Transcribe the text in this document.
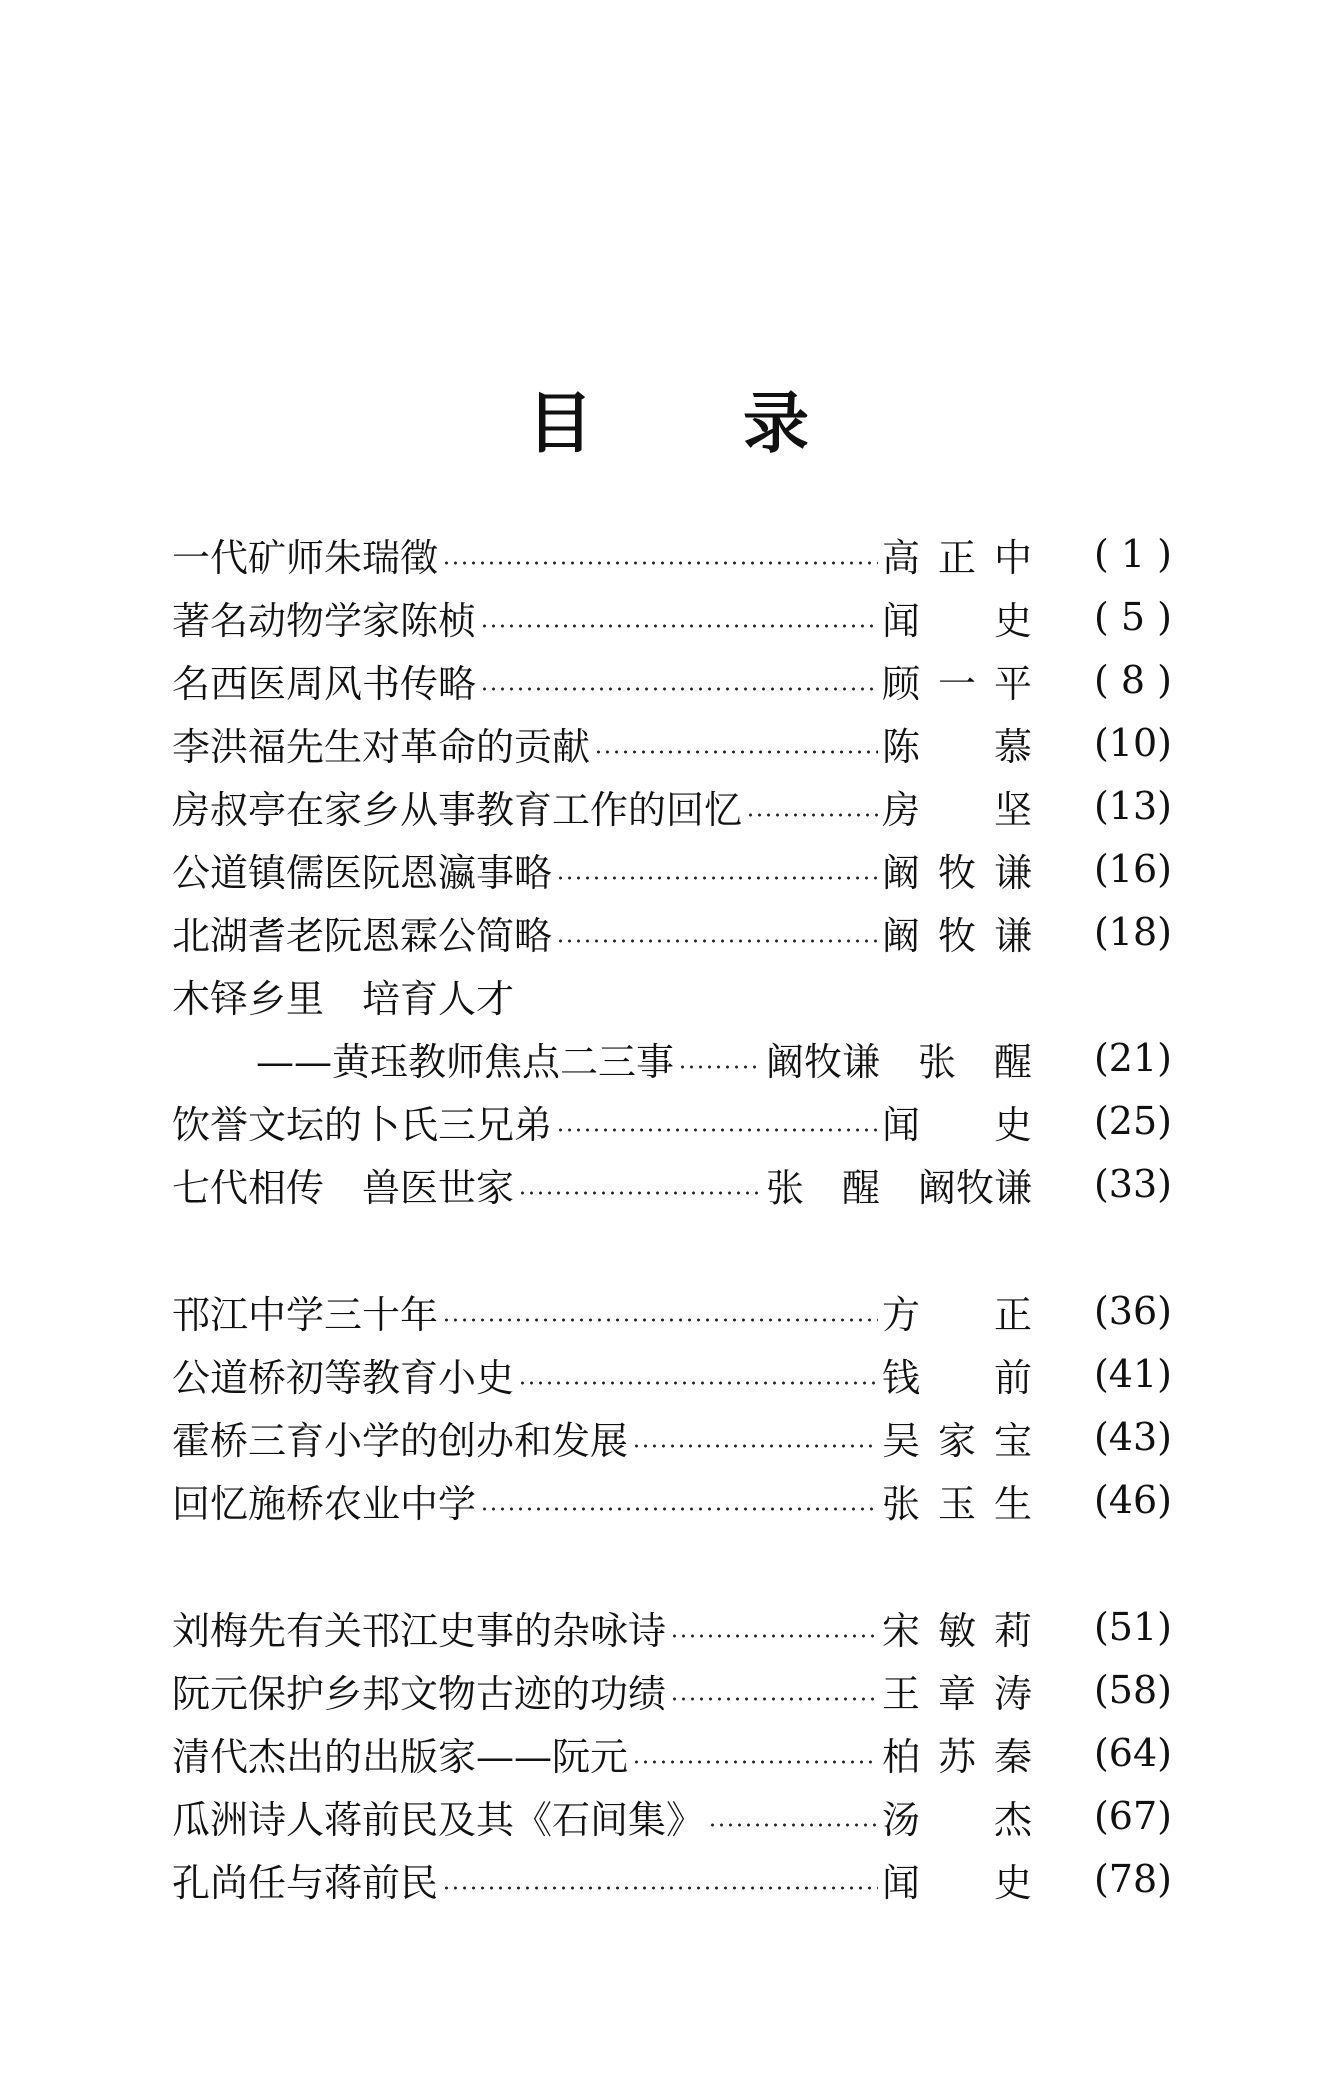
目 录
一代矿师朱瑞徵	高正中	( 1 )
著名动物学家陈桢	闻　史	( 5 )
名西医周风书传略	顾一平	( 8 )
李洪福先生对革命的贡献	陈　慕	(10)
房叔亭在家乡从事教育工作的回忆	房　坚	(13)
公道镇儒医阮恩瀛事略	阚牧谦	(16)
北湖耆老阮恩霖公简略	阚牧谦	(18)
木铎乡里　培育人才
——黄珏教师焦点二三事 阚牧谦　张　醒	(21)
饮誉文坛的卜氏三兄弟	闻　史	(25)
七代相传　兽医世家	张　醒　阚牧谦	(33)
邗江中学三十年	方　正	(36)
公道桥初等教育小史	钱　前	(41)
霍桥三育小学的创办和发展	吴家宝	(43)
回忆施桥农业中学	张玉生	(46)
刘梅先有关邗江史事的杂咏诗	宋敏莉	(51)
阮元保护乡邦文物古迹的功绩	王章涛	(58)
清代杰出的出版家——阮元	柏苏秦	(64)
瓜洲诗人蒋前民及其《石间集》	汤　杰	(67)
孔尚任与蒋前民	闻　史	(78)
